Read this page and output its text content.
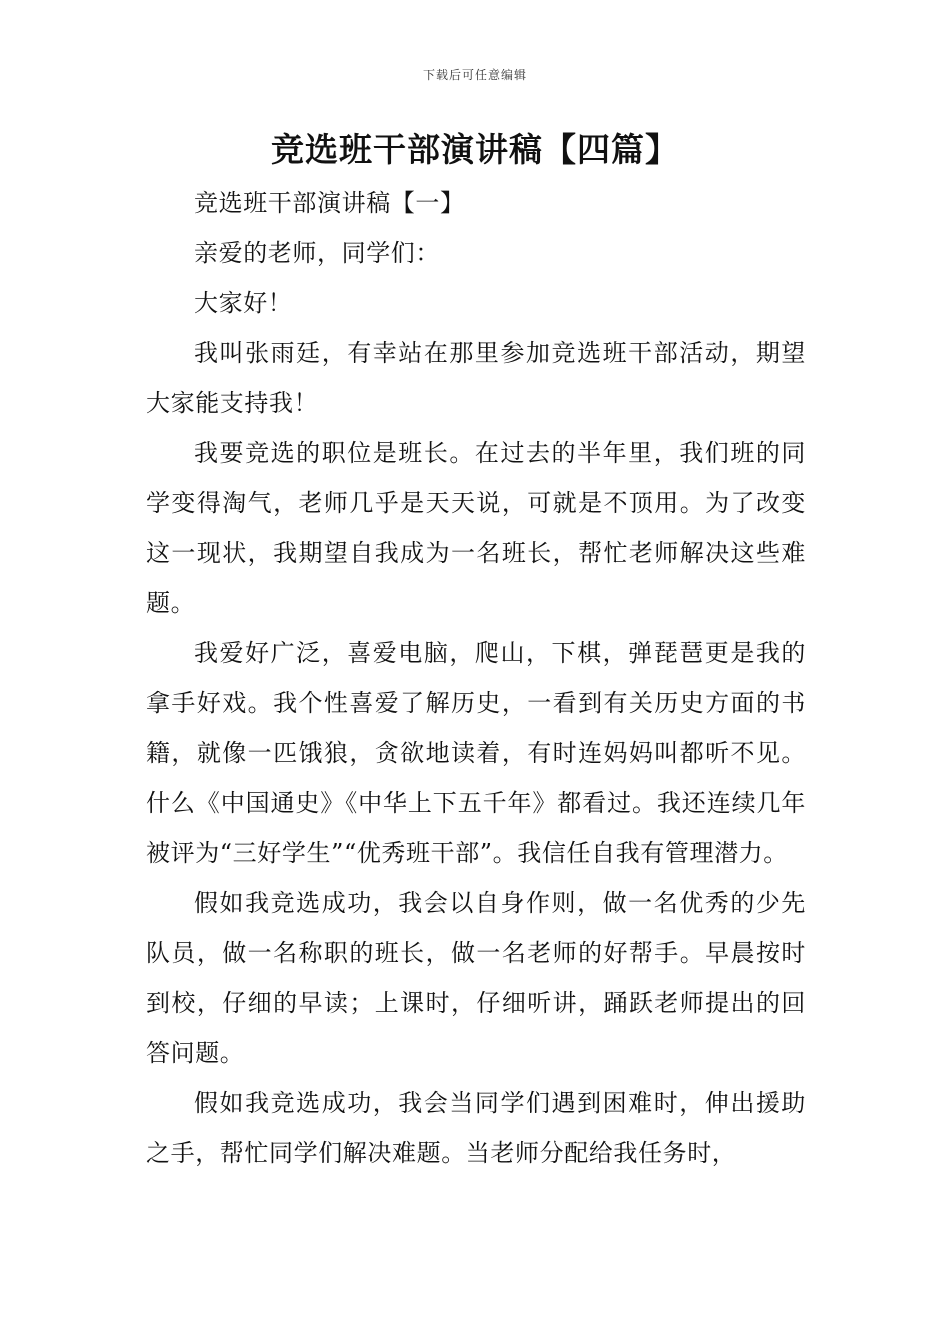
下载后可任意编辑
竞选班干部演讲稿【四篇】

竞选班干部演讲稿【一】

亲爱的老师，同学们：

大家好！

我叫张雨廷，有幸站在那里参加竞选班干部活动，期望大家能支持我！

我要竞选的职位是班长。在过去的半年里，我们班的同学变得淘气，老师几乎是天天说，可就是不顶用。为了改变这一现状，我期望自我成为一名班长，帮忙老师解决这些难题。

我爱好广泛，喜爱电脑，爬山，下棋，弹琵琶更是我的拿手好戏。我个性喜爱了解历史，一看到有关历史方面的书籍，就像一匹饿狼，贪欲地读着，有时连妈妈叫都听不见。什么《中国通史》《中华上下五千年》都看过。我还连续几年被评为“三好学生”“优秀班干部”。我信任自我有管理潜力。

假如我竞选成功，我会以自身作则，做一名优秀的少先队员，做一名称职的班长，做一名老师的好帮手。早晨按时到校，仔细的早读；上课时，仔细听讲，踊跃老师提出的回答问题。

假如我竞选成功，我会当同学们遇到困难时，伸出援助之手，帮忙同学们解决难题。当老师分配给我任务时，
